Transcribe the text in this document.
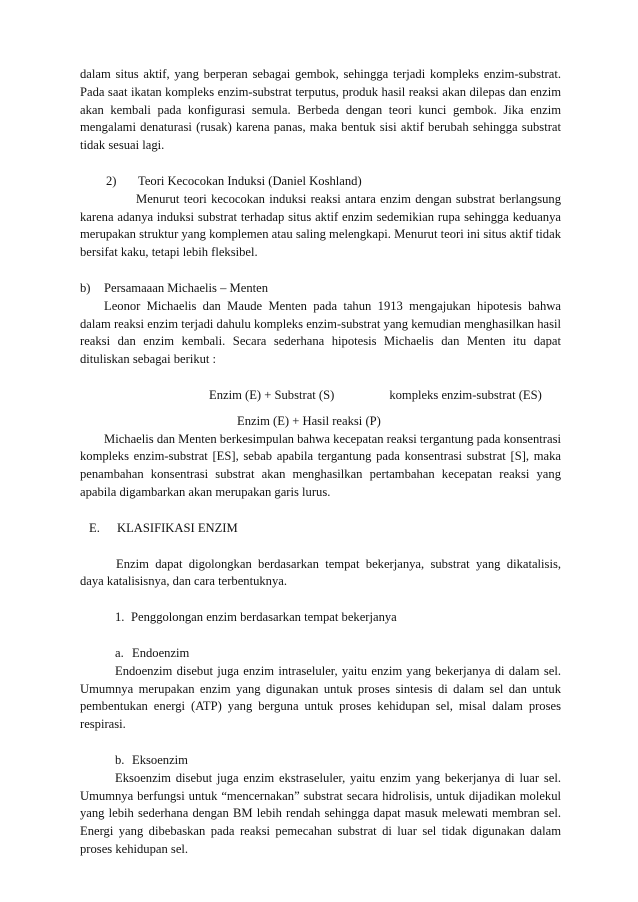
dalam situs aktif, yang berperan sebagai gembok, sehingga terjadi kompleks enzim-substrat. Pada saat ikatan kompleks enzim-substrat terputus, produk hasil reaksi akan dilepas dan enzim akan kembali pada konfigurasi semula. Berbeda dengan teori kunci gembok. Jika enzim mengalami denaturasi (rusak) karena panas, maka bentuk sisi aktif berubah sehingga substrat tidak sesuai lagi.

2)	Teori Kecocokan Induksi (Daniel Koshland)

Menurut teori kecocokan induksi reaksi antara enzim dengan substrat berlangsung karena adanya induksi substrat terhadap situs aktif enzim sedemikian rupa sehingga keduanya merupakan struktur yang komplemen atau saling melengkapi. Menurut teori ini situs aktif tidak bersifat kaku, tetapi lebih fleksibel.

b)	Persamaaan Michaelis – Menten

Leonor Michaelis dan Maude Menten pada tahun 1913 mengajukan hipotesis bahwa dalam reaksi enzim terjadi dahulu kompleks enzim-substrat yang kemudian menghasilkan hasil reaksi dan enzim kembali. Secara sederhana hipotesis Michaelis dan Menten itu dapat dituliskan sebagai berikut :

Enzim (E) + Substrat (S)	kompleks enzim-substrat (ES)
Enzim (E) + Hasil reaksi (P)

Michaelis dan Menten berkesimpulan bahwa kecepatan reaksi tergantung pada konsentrasi kompleks enzim-substrat [ES], sebab apabila tergantung pada konsentrasi substrat [S], maka penambahan konsentrasi substrat akan menghasilkan pertambahan kecepatan reaksi yang apabila digambarkan akan merupakan garis lurus.

E.	KLASIFIKASI ENZIM

Enzim dapat digolongkan berdasarkan tempat bekerjanya, substrat yang dikatalisis, daya katalisisnya, dan cara terbentuknya.

1. Penggolongan enzim berdasarkan tempat bekerjanya
a. Endoenzim

Endoenzim disebut juga enzim intraseluler, yaitu enzim yang bekerjanya di dalam sel. Umumnya merupakan enzim yang digunakan untuk proses sintesis di dalam sel dan untuk pembentukan energi (ATP) yang berguna untuk proses kehidupan sel, misal dalam proses respirasi.

b. Eksoenzim

Eksoenzim disebut juga enzim ekstraseluler, yaitu enzim yang bekerjanya di luar sel. Umumnya berfungsi untuk “mencernakan” substrat secara hidrolisis, untuk dijadikan molekul yang lebih sederhana dengan BM lebih rendah sehingga dapat masuk melewati membran sel. Energi yang dibebaskan pada reaksi pemecahan substrat di luar sel tidak digunakan dalam proses kehidupan sel.
